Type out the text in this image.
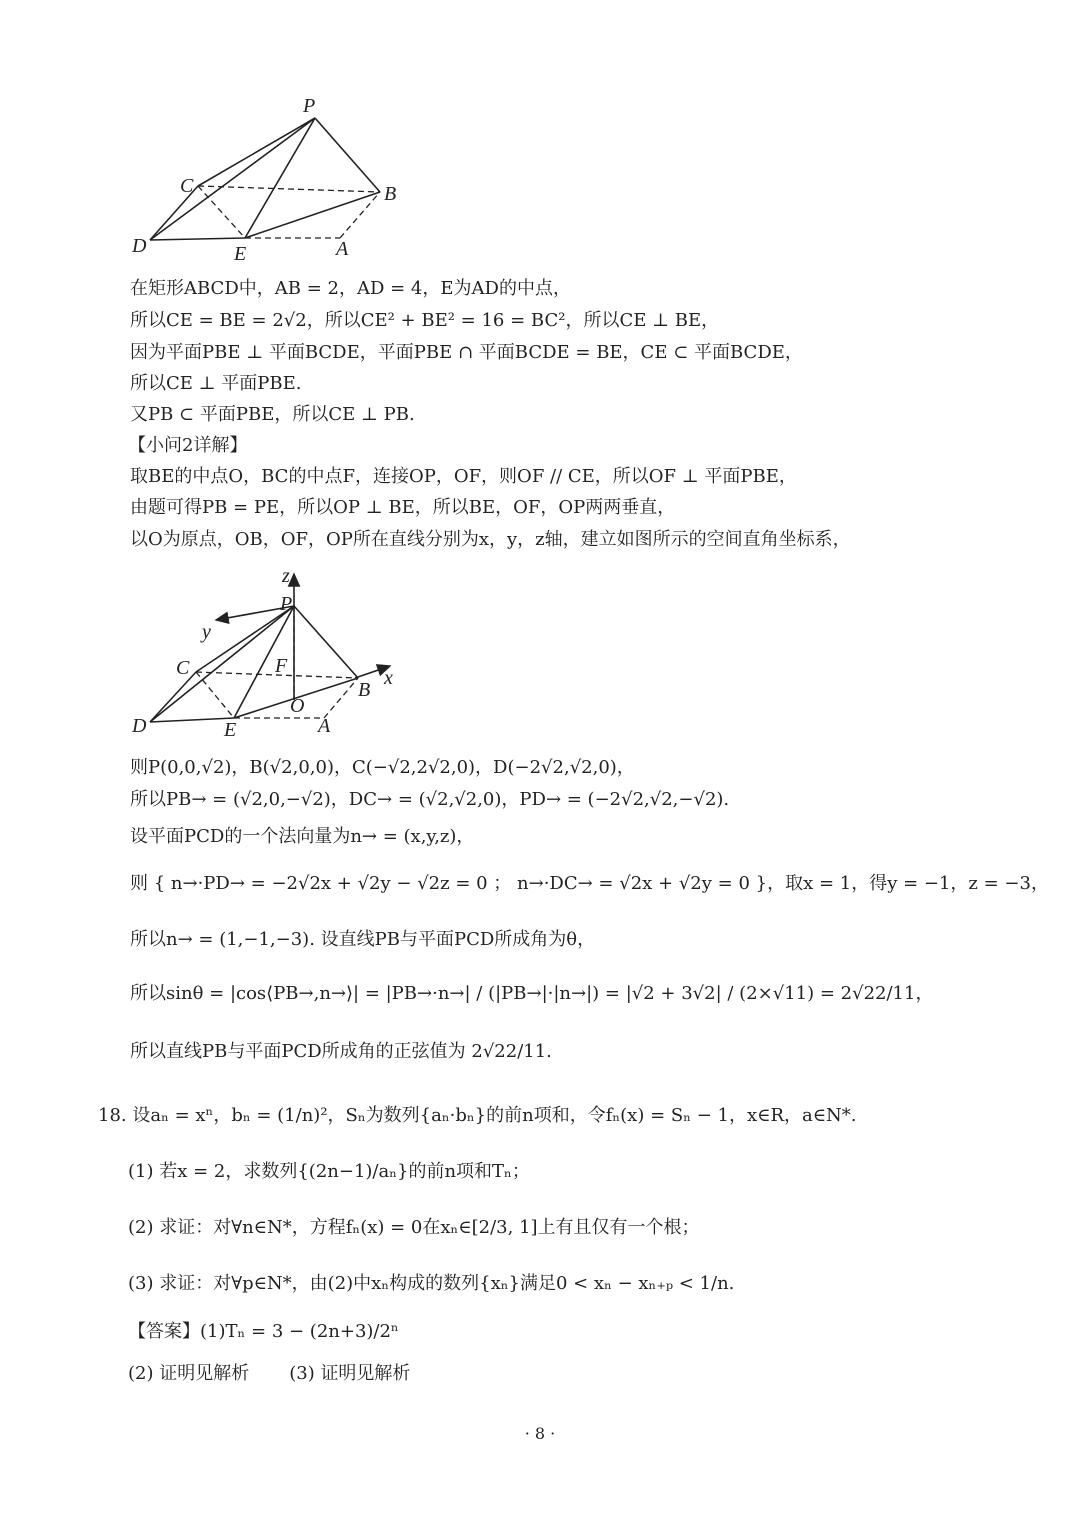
P
C	B
D	E	A
在矩形ABCD中，AB = 2，AD = 4，E为AD的中点，
所以CE = BE = 2√2，所以CE² + BE² = 16 = BC²，所以CE ⊥ BE，
因为平面PBE ⊥ 平面BCDE，平面PBE ∩ 平面BCDE = BE，CE ⊂ 平面BCDE，
所以CE ⊥ 平面PBE.
又PB ⊂ 平面PBE，所以CE ⊥ PB.
【小问2详解】
取BE的中点O，BC的中点F，连接OP，OF，则OF // CE，所以OF ⊥ 平面PBE，
由题可得PB = PE，所以OP ⊥ BE，所以BE，OF，OP两两垂直，
以O为原点，OB，OF，OP所在直线分别为x，y，z轴，建立如图所示的空间直角坐标系，
z
P
y
C	F
B
x
O
D	E	A
则P(0,0,√2)，B(√2,0,0)，C(−√2,2√2,0)，D(−2√2,√2,0)，
所以PB→ = (√2,0,−√2)，DC→ = (√2,√2,0)，PD→ = (−2√2,√2,−√2).
设平面PCD的一个法向量为n→ = (x,y,z)，
则 { n→·PD→ = −2√2x + √2y − √2z = 0 ； n→·DC→ = √2x + √2y = 0 }，取x = 1，得y = −1，z = −3，
所以n→ = (1,−1,−3). 设直线PB与平面PCD所成角为θ，
所以sinθ = |cos⟨PB→,n→⟩| = |PB→·n→| / (|PB→|·|n→|) = |√2 + 3√2| / (2×√11) = 2√22/11，
所以直线PB与平面PCD所成角的正弦值为 2√22/11.
18. 设aₙ = xⁿ，bₙ = (1/n)²，Sₙ为数列{aₙ·bₙ}的前n项和，令fₙ(x) = Sₙ − 1，x∈R，a∈N*.
(1) 若x = 2，求数列{(2n−1)/aₙ}的前n项和Tₙ；
(2) 求证：对∀n∈N*，方程fₙ(x) = 0在xₙ∈[2/3, 1]上有且仅有一个根；
(3) 求证：对∀p∈N*，由(2)中xₙ构成的数列{xₙ}满足0 < xₙ − xₙ₊ₚ < 1/n.
【答案】(1)Tₙ = 3 − (2n+3)/2ⁿ
(2) 证明见解析 (3) 证明见解析
· 8 ·
